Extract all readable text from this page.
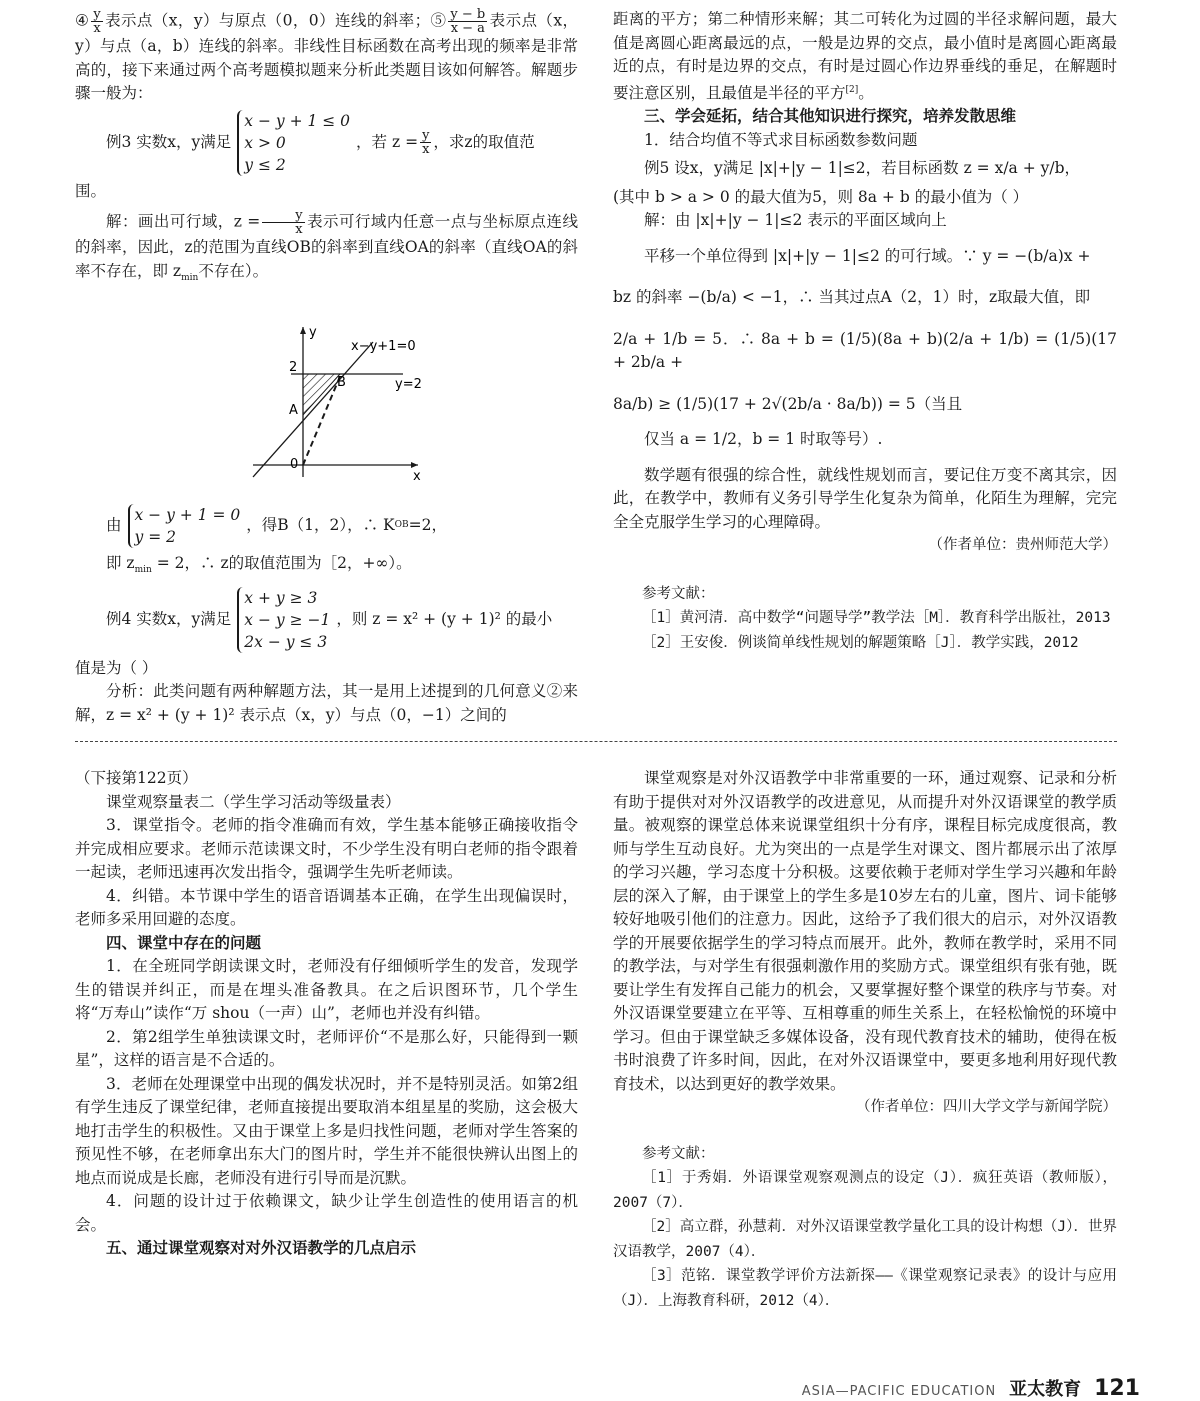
④ $\frac{y}{x}$ 表示点（x，y）与原点（0，0）连线的斜率；⑤ $\frac{y - b}{x - a}$ 表示点（x，y）与点（a，b）连线的斜率。非线性目标函数在高考出现的频率是非常高的，接下来通过两个高考题模拟题来分析此类题目该如何解答。解题步骤一般为：

例3 实数x，y满足
x − y + 1 ≤ 0
x > 0
y ≤ 2
，若 $z = \frac{y}{x}$ ，求z的取值范

围。

解：画出可行域，$z = \frac{y}{x}$ 表示可行域内任意一点与坐标原点连线的斜率，因此，z的范围为直线OB的斜率到直线OA的斜率（直线OA的斜率不存在，即 $z_{min}$不存在）。

y
x
x−y+1=0
y=2
2
B
A
0
由
x − y + 1 = 0
y = 2
，得B（1，2），∴ K OB =2，

即 $z_{min} = 2$，∴ z的取值范围为［2，+∞）。

例4 实数x，y满足
x + y ≥ 3
x − y ≥ −1
2x − y ≤ 3
，则 z = x² + (y + 1)² 的最小

值是为（ ）

分析：此类问题有两种解题方法，其一是用上述提到的几何意义②来解，z = x² + (y + 1)² 表示点（x，y）与点（0，−1）之间的

距离的平方；第二种情形来解；其二可转化为过圆的半径求解问题，最大值是离圆心距离最远的点，一般是边界的交点，最小值时是离圆心距离最近的点，有时是边界的交点，有时是过圆心作边界垂线的垂足，在解题时要注意区别，且最值是半径的平方[2]。

三、学会延拓，结合其他知识进行探究，培养发散思维

1．结合均值不等式求目标函数参数问题

例5 设x，y满足 |x|+|y − 1|≤2，若目标函数 z = x/a + y/b，

(其中 b > a > 0 的最大值为5，则 8a + b 的最小值为（ ）

解：由 |x|+|y − 1|≤2 表示的平面区域向上

平移一个单位得到 |x|+|y − 1|≤2 的可行域。∵ y = −(b/a)x +

bz 的斜率 −(b/a) < −1，∴ 当其过点A（2，1）时，z取最大值，即

2/a + 1/b = 5．∴ 8a + b = (1/5)(8a + b)(2/a + 1/b) = (1/5)(17 + 2b/a +

8a/b) ≥ (1/5)(17 + 2√(2b/a · 8a/b)) = 5（当且

仅当 a = 1/2，b = 1 时取等号）.

数学题有很强的综合性，就线性规划而言，要记住万变不离其宗，因此，在教学中，教师有义务引导学生化复杂为简单，化陌生为理解，完完全全克服学生学习的心理障碍。

（作者单位：贵州师范大学）

参考文献：

［1］黄河清．高中数学“问题导学”教学法［M］．教育科学出版社，2013

［2］王安俊．例谈简单线性规划的解题策略［J］．教学实践，2012

（下接第122页）

课堂观察量表二（学生学习活动等级量表）

3．课堂指令。老师的指令准确而有效，学生基本能够正确接收指令并完成相应要求。老师示范读课文时，不少学生没有明白老师的指令跟着一起读，老师迅速再次发出指令，强调学生先听老师读。

4．纠错。本节课中学生的语音语调基本正确，在学生出现偏误时，老师多采用回避的态度。

四、课堂中存在的问题

1．在全班同学朗读课文时，老师没有仔细倾听学生的发音，发现学生的错误并纠正，而是在埋头准备教具。在之后识图环节，几个学生将“万寿山”读作“万 shou（一声）山”，老师也并没有纠错。

2．第2组学生单独读课文时，老师评价“不是那么好，只能得到一颗星”，这样的语言是不合适的。

3．老师在处理课堂中出现的偶发状况时，并不是特别灵活。如第2组有学生违反了课堂纪律，老师直接提出要取消本组星星的奖励，这会极大地打击学生的积极性。又由于课堂上多是归找性问题，老师对学生答案的预见性不够，在老师拿出东大门的图片时，学生并不能很快辨认出图上的地点而说成是长廊，老师没有进行引导而是沉默。

4．问题的设计过于依赖课文，缺少让学生创造性的使用语言的机会。

五、通过课堂观察对对外汉语教学的几点启示

课堂观察是对外汉语教学中非常重要的一环，通过观察、记录和分析有助于提供对对外汉语教学的改进意见，从而提升对外汉语课堂的教学质量。被观察的课堂总体来说课堂组织十分有序，课程目标完成度很高，教师与学生互动良好。尤为突出的一点是学生对课文、图片都展示出了浓厚的学习兴趣，学习态度十分积极。这要依赖于老师对学生学习兴趣和年龄层的深入了解，由于课堂上的学生多是10岁左右的儿童，图片、词卡能够较好地吸引他们的注意力。因此，这给予了我们很大的启示，对外汉语教学的开展要依据学生的学习特点而展开。此外，教师在教学时，采用不同的教学法，与对学生有很强刺激作用的奖励方式。课堂组织有张有弛，既要让学生有发挥自己能力的机会，又要掌握好整个课堂的秩序与节奏。对外汉语课堂要建立在平等、互相尊重的师生关系上，在轻松愉悦的环境中学习。但由于课堂缺乏多媒体设备，没有现代教育技术的辅助，使得在板书时浪费了许多时间，因此，在对外汉语课堂中，要更多地利用好现代教育技术，以达到更好的教学效果。

（作者单位：四川大学文学与新闻学院）

参考文献：

［1］于秀娟．外语课堂观察观测点的设定（J）．疯狂英语（教师版），2007（7）．

［2］高立群，孙慧莉．对外汉语课堂教学量化工具的设计构想（J）．世界汉语教学，2007（4）．

［3］范铭．课堂教学评价方法新探——《课堂观察记录表》的设计与应用（J）．上海教育科研，2012（4）．

ASIA—PACIFIC EDUCATION 亚太教育 121
